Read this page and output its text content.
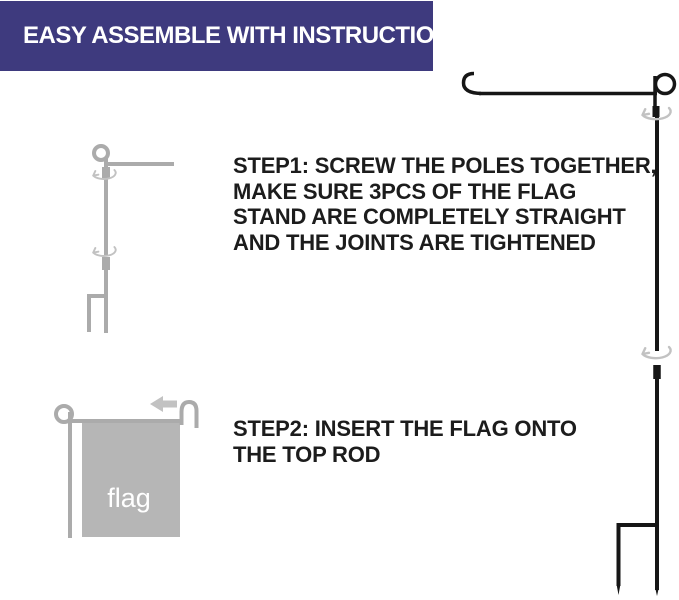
EASY ASSEMBLE WITH INSTRUCTIONS
STEP1: SCREW THE POLES TOGETHER,
MAKE SURE 3PCS OF THE FLAG
STAND ARE COMPLETELY STRAIGHT
AND THE JOINTS ARE TIGHTENED
STEP2: INSERT THE FLAG ONTO
THE TOP ROD
flag
